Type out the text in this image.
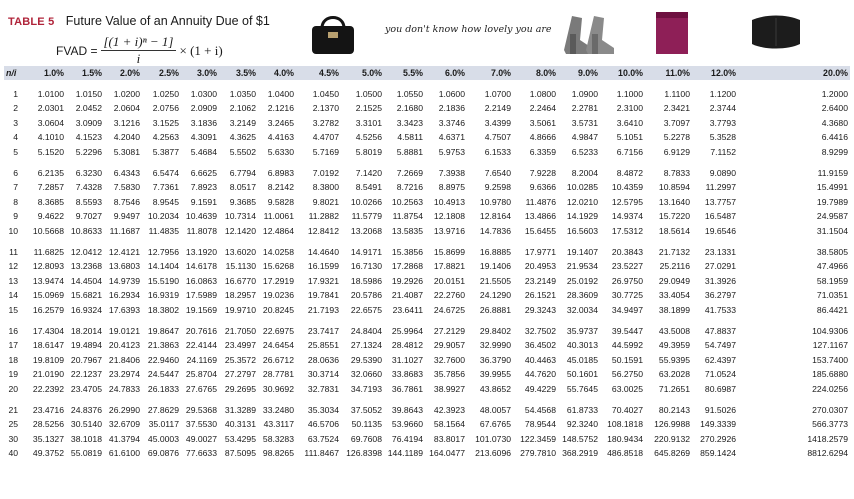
TABLE 5 Future Value of an Annuity Due of $1
FVAD = $\frac{\text{[(1 + i)ⁿ − 1]}}{i} \times (1 + i)$
you don't know how lovely you are
n/i	1.0%	1.5%	2.0%	2.5%	3.0%	3.5%	4.0%	4.5%	5.0%	5.5%	6.0%	7.0%	8.0%	9.0%	10.0%	11.0%	12.0%	20.0%
1	1.0100	1.0150	1.0200	1.0250	1.0300	1.0350	1.0400	1.0450	1.0500	1.0550	1.0600	1.0700	1.0800	1.0900	1.1000	1.1100	1.1200	1.2000
2	2.0301	2.0452	2.0604	2.0756	2.0909	2.1062	2.1216	2.1370	2.1525	2.1680	2.1836	2.2149	2.2464	2.2781	2.3100	2.3421	2.3744	2.6400
3	3.0604	3.0909	3.1216	3.1525	3.1836	3.2149	3.2465	3.2782	3.3101	3.3423	3.3746	3.4399	3.5061	3.5731	3.6410	3.7097	3.7793	4.3680
4	4.1010	4.1523	4.2040	4.2563	4.3091	4.3625	4.4163	4.4707	4.5256	4.5811	4.6371	4.7507	4.8666	4.9847	5.1051	5.2278	5.3528	6.4416
5	5.1520	5.2296	5.3081	5.3877	5.4684	5.5502	5.6330	5.7169	5.8019	5.8881	5.9753	6.1533	6.3359	6.5233	6.7156	6.9129	7.1152	8.9299
6	6.2135	6.3230	6.4343	6.5474	6.6625	6.7794	6.8983	7.0192	7.1420	7.2669	7.3938	7.6540	7.9228	8.2004	8.4872	8.7833	9.0890	11.9159
7	7.2857	7.4328	7.5830	7.7361	7.8923	8.0517	8.2142	8.3800	8.5491	8.7216	8.8975	9.2598	9.6366	10.0285	10.4359	10.8594	11.2997	15.4991
8	8.3685	8.5593	8.7546	8.9545	9.1591	9.3685	9.5828	9.8021	10.0266	10.2563	10.4913	10.9780	11.4876	12.0210	12.5795	13.1640	13.7757	19.7989
9	9.4622	9.7027	9.9497 10.2034 10.4639 10.7314 11.0061	11.2882	11.5779	11.8754	12.1808	12.8164	13.4866	14.1929	14.9374	15.7220	16.5487	24.9587
10	10.5668 10.8633 11.1687 11.4835 11.8078 12.1420 12.4864	12.8412	13.2068	13.5835	13.9716	14.7836	15.6455	16.5603	17.5312	18.5614	19.6546	31.1504
11	11.6825 12.0412 12.4121 12.7956 13.1920 13.6020 14.0258	14.4640	14.9171	15.3856	15.8699	16.8885	17.9771	19.1407	20.3843	21.7132	23.1331	38.5805
12	12.8093 13.2368 13.6803 14.1404 14.6178 15.1130 15.6268	16.1599	16.7130	17.2868	17.8821	19.1406	20.4953	21.9534	23.5227	25.2116	27.0291	47.4966
13	13.9474 14.4504 14.9739 15.5190 16.0863 16.6770 17.2919	17.9321	18.5986	19.2926	20.0151	21.5505	23.2149	25.0192	26.9750	29.0949	31.3926	58.1959
14	15.0969 15.6821 16.2934 16.9319 17.5989 18.2957 19.0236	19.7841	20.5786	21.4087	22.2760	24.1290	26.1521	28.3609	30.7725	33.4054	36.2797	71.0351
15	16.2579 16.9324 17.6393 18.3802 19.1569 19.9710 20.8245	21.7193	22.6575	23.6411	24.6725	26.8881	29.3243	32.0034	34.9497	38.1899	41.7533	86.4421
16	17.4304 18.2014 19.0121 19.8647 20.7616 21.7050 22.6975	23.7417	24.8404	25.9964	27.2129	29.8402	32.7502	35.9737	39.5447	43.5008	47.8837	104.9306
17	18.6147 19.4894 20.4123 21.3863 22.4144 23.4997 24.6454	25.8551	27.1324	28.4812	29.9057	32.9990	36.4502	40.3013	44.5992	49.3959	54.7497	127.1167
18	19.8109 20.7967 21.8406 22.9460 24.1169 25.3572 26.6712	28.0636	29.5390	31.1027	32.7600	36.3790	40.4463	45.0185	50.1591	55.9395	62.4397	153.7400
19	21.0190 22.1237 23.2974 24.5447 25.8704 27.2797 28.7781	30.3714	32.0660	33.8683	35.7856	39.9955	44.7620	50.1601	56.2750	63.2028	71.0524	185.6880
20	22.2392 23.4705 24.7833 26.1833 27.6765 29.2695 30.9692	32.7831	34.7193	36.7861	38.9927	43.8652	49.4229	55.7645	63.0025	71.2651	80.6987	224.0256
21	23.4716 24.8376 26.2990 27.8629 29.5368 31.3289 33.2480	35.3034	37.5052	39.8643	42.3923	48.0057	54.4568	61.8733	70.4027	80.2143	91.5026	270.0307
25	28.5256 30.5140 32.6709 35.0117 37.5530 40.3131 43.3117	46.5706	50.1135	53.9660	58.1564	67.6765	78.9544	92.3240	108.1818	126.9988	149.3339	566.3773
30	35.1327 38.1018 41.3794 45.0003 49.0027 53.4295 58.3283	63.7524	69.7608	76.4194	83.8017	101.0730	122.3459 148.5752	180.9434	220.9132	270.2926	1418.2579
40	49.3752 55.0819 61.6100 69.0876 77.6633 87.5095 98.8265	111.8467 126.8398 144.1189 164.0477	213.6096	279.7810 368.2919	486.8518	645.8269	859.1424	8812.6294
